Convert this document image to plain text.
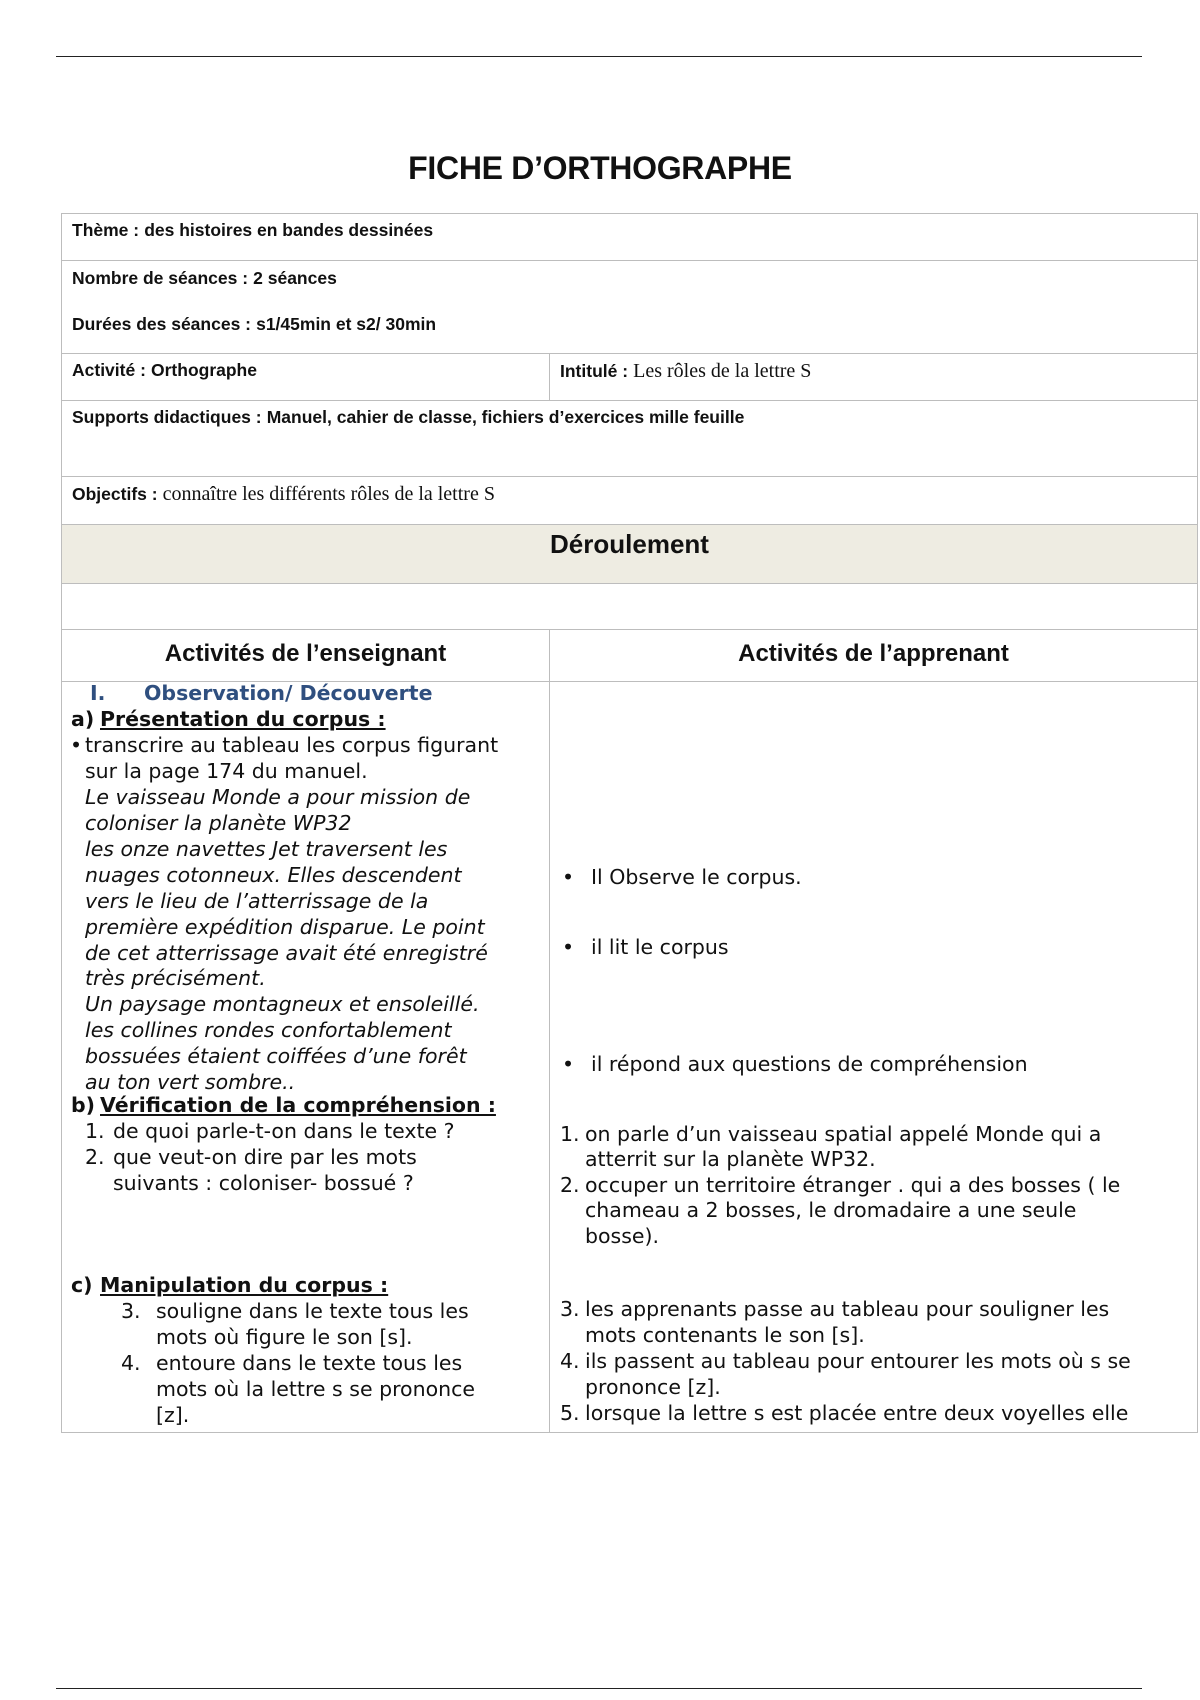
FICHE D’ORTHOGRAPHE
Thème : des histoires en bandes dessinées
Nombre de séances : 2 séances
Durées des séances : s1/45min et s2/ 30min
Activité : Orthographe	Intitulé : Les rôles de la lettre S
Supports didactiques : Manuel, cahier de classe, fichiers d’exercices mille feuille
Objectifs : connaître les différents rôles de la lettre S
Déroulement
Activités de l’enseignant	Activités de l’apprenant
I. Observation/ Découverte
a) Présentation du corpus :
• transcrire au tableau les corpus figurant
sur la page 174 du manuel.
Le vaisseau Monde a pour mission de
coloniser la planète WP32
les onze navettes Jet traversent les
nuages cotonneux. Elles descendent
vers le lieu de l’atterrissage de la
première expédition disparue. Le point
de cet atterrissage avait été enregistré
très précisément.
Un paysage montagneux et ensoleillé.
les collines rondes confortablement
bossuées étaient coiffées d’une forêt
au ton vert sombre..
b) Vérification de la compréhension :
1. de quoi parle-t-on dans le texte ?
2. que veut-on dire par les mots
suivants : coloniser- bossué ?
c) Manipulation du corpus :
3. souligne dans le texte tous les
mots où figure le son [s].
4. entoure dans le texte tous les
mots où la lettre s se prononce
[z].
• Il Observe le corpus.
• il lit le corpus
• il répond aux questions de compréhension
1. on parle d’un vaisseau spatial appelé Monde qui a
atterrit sur la planète WP32.
2. occuper un territoire étranger . qui a des bosses ( le
chameau a 2 bosses, le dromadaire a une seule
bosse).
3. les apprenants passe au tableau pour souligner les
mots contenants le son [s].
4. ils passent au tableau pour entourer les mots où s se
prononce [z].
5. lorsque la lettre s est placée entre deux voyelles elle
